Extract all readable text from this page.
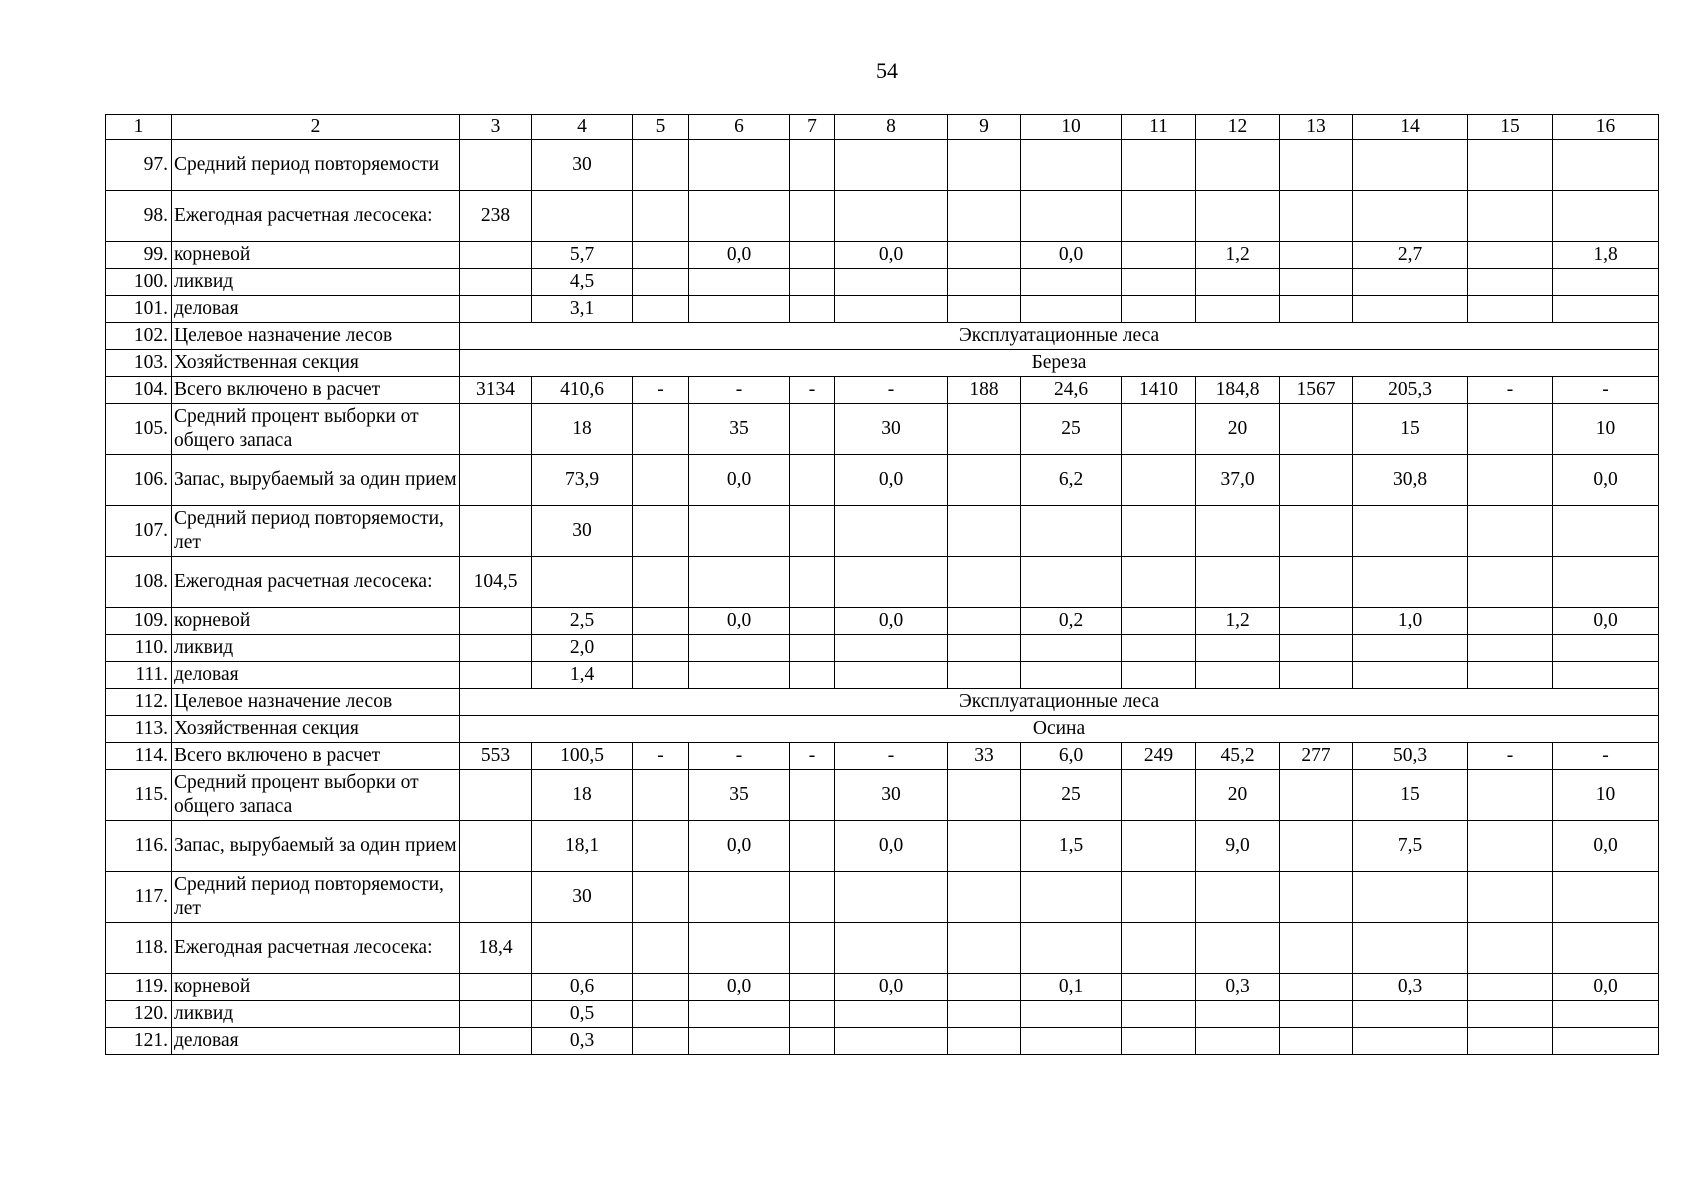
54
1	2	3	4	5	6	7	8	9	10	11	12	13	14	15	16
97.	Средний период повторяемости		30												
98.	Ежегодная расчетная лесосека:	238													
99.	корневой		5,7		0,0		0,0		0,0		1,2		2,7		1,8
100.	ликвид		4,5												
101.	деловая		3,1												
102.	Целевое назначение лесов	Эксплуатационные леса													
103.	Хозяйственная секция	Береза													
104.	Всего включено в расчет	3134	410,6	-	-	-	-	188	24,6	1410	184,8	1567	205,3	-	-
105.	Средний процент выборки от общего запаса		18		35		30		25		20		15		10
106.	Запас, вырубаемый за один прием		73,9		0,0		0,0		6,2		37,0		30,8		0,0
107.	Средний период повторяемости, лет		30												
108.	Ежегодная расчетная лесосека:	104,5													
109.	корневой		2,5		0,0		0,0		0,2		1,2		1,0		0,0
110.	ликвид		2,0												
111.	деловая		1,4												
112.	Целевое назначение лесов	Эксплуатационные леса													
113.	Хозяйственная секция	Осина													
114.	Всего включено в расчет	553	100,5	-	-	-	-	33	6,0	249	45,2	277	50,3	-	-
115.	Средний процент выборки от общего запаса		18		35		30		25		20		15		10
116.	Запас, вырубаемый за один прием		18,1		0,0		0,0		1,5		9,0		7,5		0,0
117.	Средний период повторяемости, лет		30												
118.	Ежегодная расчетная лесосека:	18,4													
119.	корневой		0,6		0,0		0,0		0,1		0,3		0,3		0,0
120.	ликвид		0,5												
121.	деловая		0,3												
